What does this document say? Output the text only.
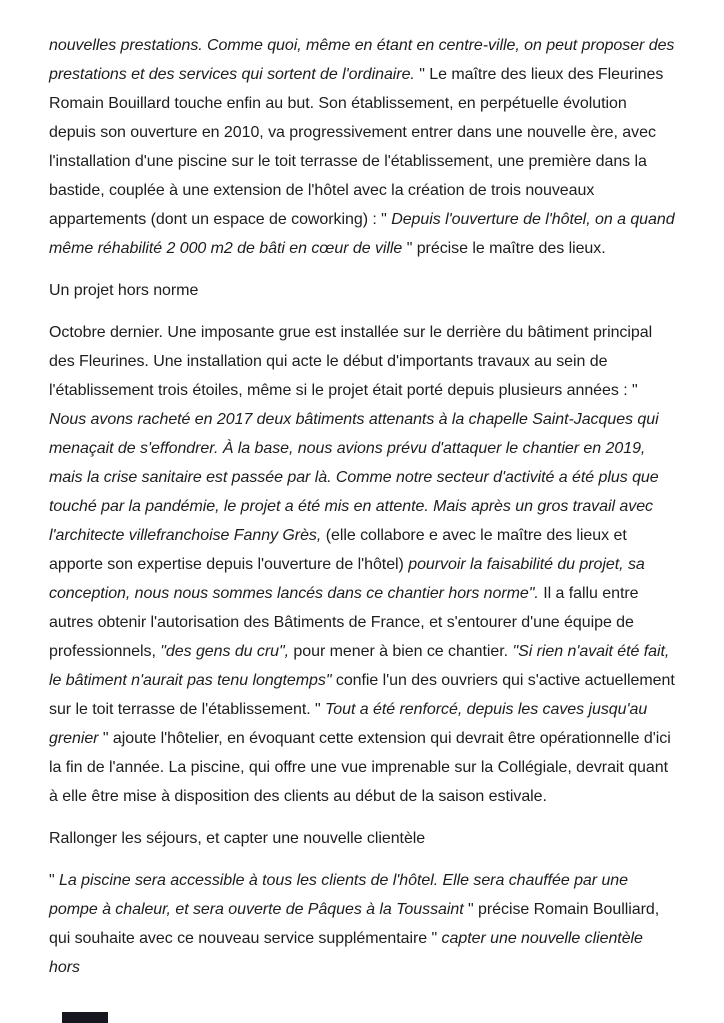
nouvelles prestations. Comme quoi, même en étant en centre-ville, on peut proposer des prestations et des services qui sortent de l'ordinaire. " Le maître des lieux des Fleurines Romain Bouillard touche enfin au but. Son établissement, en perpétuelle évolution depuis son ouverture en 2010, va progressivement entrer dans une nouvelle ère, avec l'installation d'une piscine sur le toit terrasse de l'établissement, une première dans la bastide, couplée à une extension de l'hôtel avec la création de trois nouveaux appartements (dont un espace de coworking) : " Depuis l'ouverture de l'hôtel, on a quand même réhabilité 2 000 m2 de bâti en cœur de ville " précise le maître des lieux.

Un projet hors norme

Octobre dernier. Une imposante grue est installée sur le derrière du bâtiment principal des Fleurines. Une installation qui acte le début d'importants travaux au sein de l'établissement trois étoiles, même si le projet était porté depuis plusieurs années : " Nous avons racheté en 2017 deux bâtiments attenants à la chapelle Saint-Jacques qui menaçait de s'effondrer. À la base, nous avions prévu d'attaquer le chantier en 2019, mais la crise sanitaire est passée par là. Comme notre secteur d'activité a été plus que touché par la pandémie, le projet a été mis en attente. Mais après un gros travail avec l'architecte villefranchoise Fanny Grès, (elle collabore e avec le maître des lieux et apporte son expertise depuis l'ouverture de l'hôtel) pourvoir la faisabilité du projet, sa conception, nous nous sommes lancés dans ce chantier hors norme". Il a fallu entre autres obtenir l'autorisation des Bâtiments de France, et s'entourer d'une équipe de professionnels, "des gens du cru", pour mener à bien ce chantier. "Si rien n'avait été fait, le bâtiment n'aurait pas tenu longtemps" confie l'un des ouvriers qui s'active actuellement sur le toit terrasse de l'établissement. " Tout a été renforcé, depuis les caves jusqu'au grenier " ajoute l'hôtelier, en évoquant cette extension qui devrait être opérationnelle d'ici la fin de l'année. La piscine, qui offre une vue imprenable sur la Collégiale, devrait quant à elle être mise à disposition des clients au début de la saison estivale.

Rallonger les séjours, et capter une nouvelle clientèle

" La piscine sera accessible à tous les clients de l'hôtel. Elle sera chauffée par une pompe à chaleur, et sera ouverte de Pâques à la Toussaint " précise Romain Boulliard, qui souhaite avec ce nouveau service supplémentaire " capter une nouvelle clientèle hors
